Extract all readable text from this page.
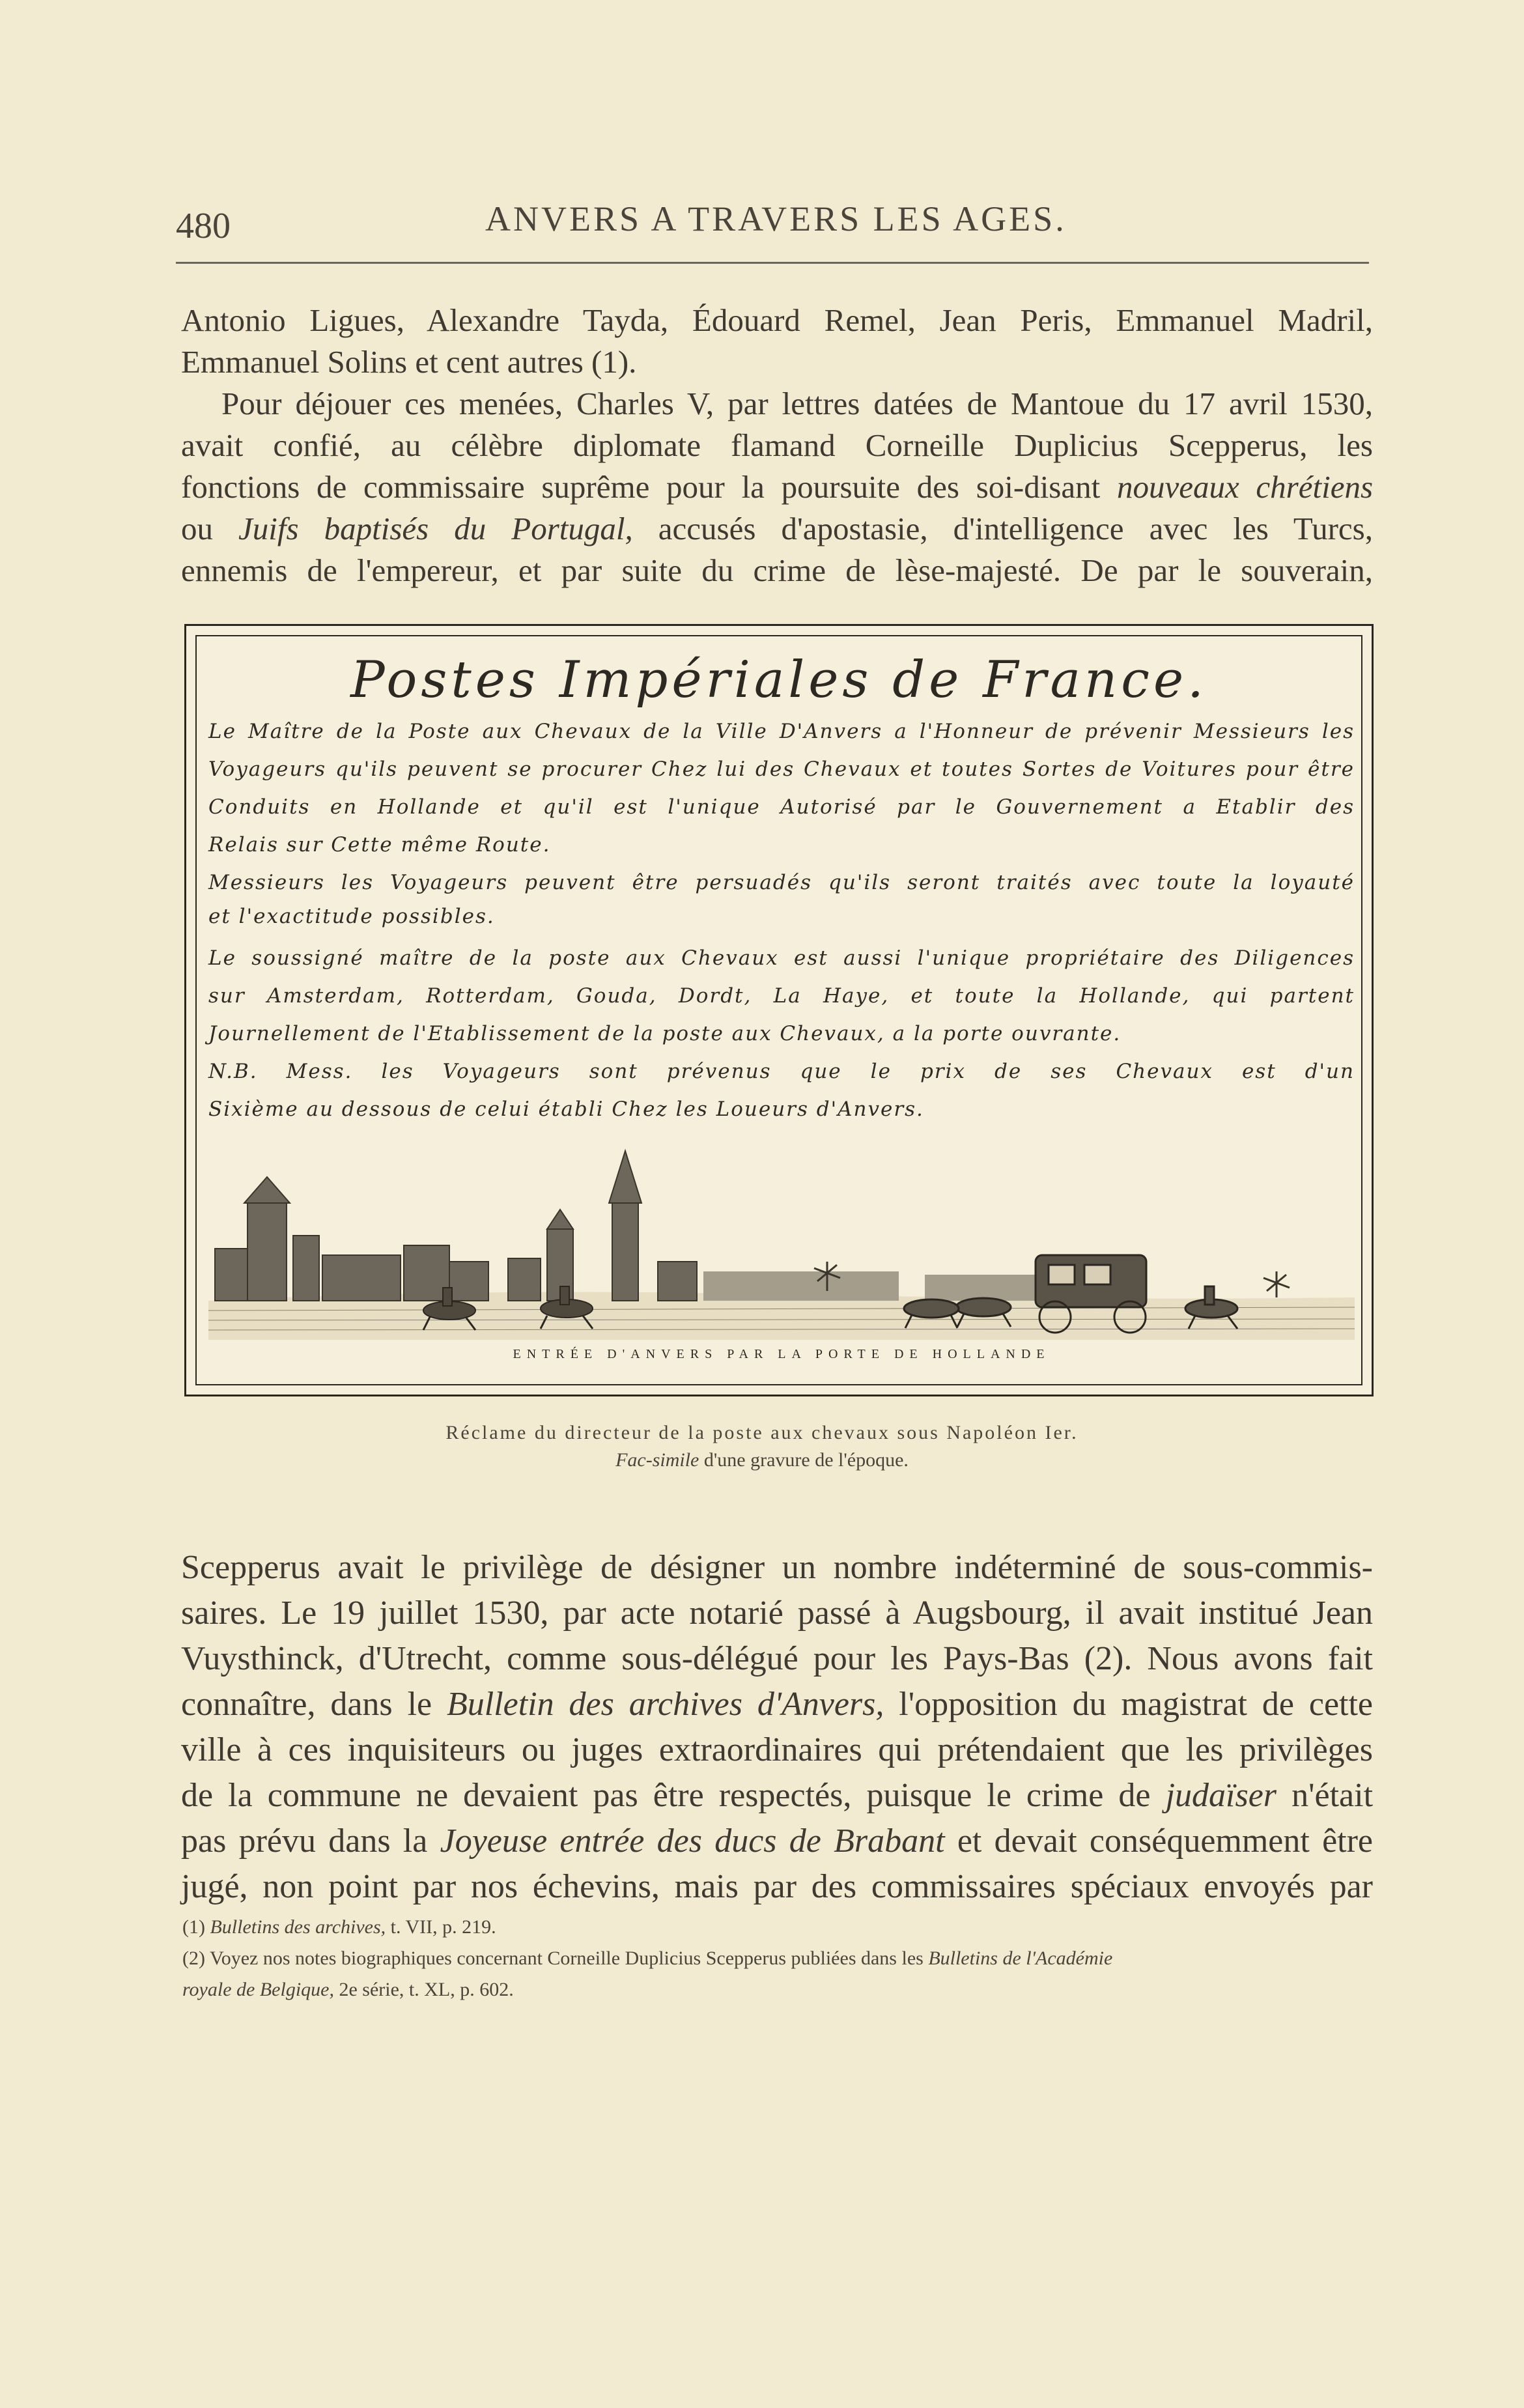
480	ANVERS A TRAVERS LES AGES.
Antonio Ligues, Alexandre Tayda, Édouard Remel, Jean Peris, Emmanuel Madril,
Emmanuel Solins et cent autres (1).
Pour déjouer ces menées, Charles V, par lettres datées de Mantoue du 17 avril 1530,
avait confié, au célèbre diplomate flamand Corneille Duplicius Scepperus, les
fonctions de commissaire suprême pour la poursuite des soi-disant nouveaux chrétiens
ou Juifs baptisés du Portugal, accusés d'apostasie, d'intelligence avec les Turcs,
ennemis de l'empereur, et par suite du crime de lèse-majesté. De par le souverain,
Postes Impériales de France.
Le Maître de la Poste aux Chevaux de la Ville D'Anvers a l'Honneur de prévenir Messieurs les
Voyageurs qu'ils peuvent se procurer Chez lui des Chevaux et toutes Sortes de Voitures pour être
Conduits en Hollande et qu'il est l'unique Autorisé par le Gouvernement a Etablir des
Relais sur Cette même Route.
Messieurs les Voyageurs peuvent être persuadés qu'ils seront traités avec toute la loyauté
et l'exactitude possibles.
Le soussigné maître de la poste aux Chevaux est aussi l'unique propriétaire des Diligences
sur Amsterdam, Rotterdam, Gouda, Dordt, La Haye, et toute la Hollande, qui partent
Journellement de l'Etablissement de la poste aux Chevaux, a la porte ouvrante.
N.B. Mess. les Voyageurs sont prévenus que le prix de ses Chevaux est d'un
Sixième au dessous de celui établi Chez les Loueurs d'Anvers.
ENTRÉE D'ANVERS PAR LA PORTE DE HOLLANDE
Réclame du directeur de la poste aux chevaux sous Napoléon Ier.
Fac-simile d'une gravure de l'époque.
Scepperus avait le privilège de désigner un nombre indéterminé de sous-commis-
saires. Le 19 juillet 1530, par acte notarié passé à Augsbourg, il avait institué Jean
Vuysthinck, d'Utrecht, comme sous-délégué pour les Pays-Bas (2). Nous avons fait
connaître, dans le Bulletin des archives d'Anvers, l'opposition du magistrat de cette
ville à ces inquisiteurs ou juges extraordinaires qui prétendaient que les privilèges
de la commune ne devaient pas être respectés, puisque le crime de judaïser n'était
pas prévu dans la Joyeuse entrée des ducs de Brabant et devait conséquemment être
jugé, non point par nos échevins, mais par des commissaires spéciaux envoyés par
(1) Bulletins des archives, t. VII, p. 219.
(2) Voyez nos notes biographiques concernant Corneille Duplicius Scepperus publiées dans les Bulletins de l'Académie
royale de Belgique, 2e série, t. XL, p. 602.
